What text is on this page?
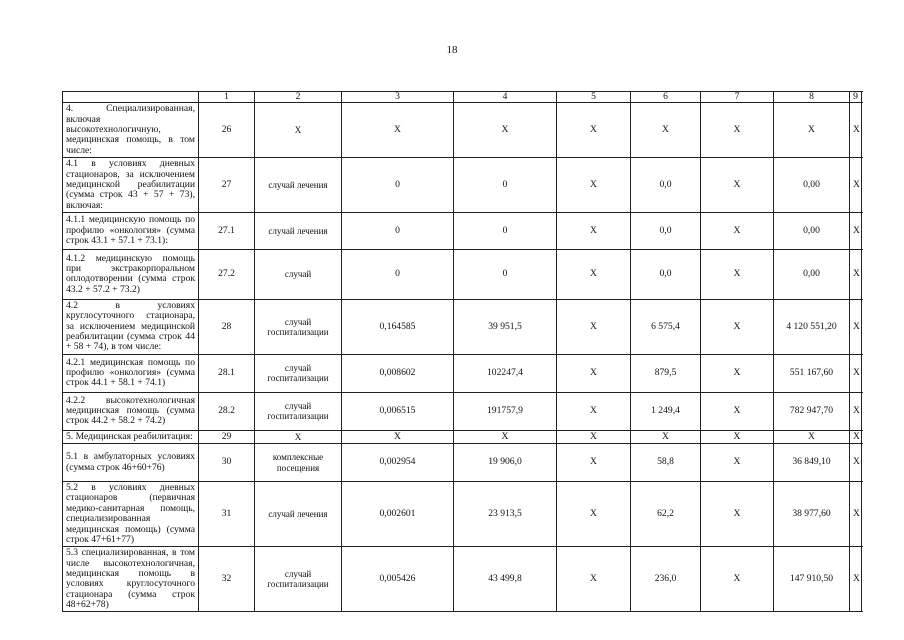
18
	1	2	3	4	5	6	7	8	9
4. Специализированная, включая высокотехнологичную, медицинская помощь, в том числе:	26	Х	Х	Х	Х	Х	Х	Х	Х
4.1 в условиях дневных стационаров, за исключением медицинской реабилитации (сумма строк 43 + 57 + 73), включая:	27	случай лечения	0	0	Х	0,0	Х	0,00	Х
4.1.1 медицинскую помощь по профилю «онкология» (сумма строк 43.1 + 57.1 + 73.1):	27.1	случай лечения	0	0	Х	0,0	Х	0,00	Х
4.1.2 медицинскую помощь при экстракорпоральном оплодотворении (сумма строк 43.2 + 57.2 + 73.2)	27.2	случай	0	0	Х	0,0	Х	0,00	Х
4.2 в условиях круглосуточного стационара, за исключением медицинской реабилитации (сумма строк 44 + 58 + 74), в том числе:	28	случай госпитализации	0,164585	39 951,5	Х	6 575,4	Х	4 120 551,20	Х
4.2.1 медицинская помощь по профилю «онкология» (сумма строк 44.1 + 58.1 + 74.1)	28.1	случай госпитализации	0,008602	102247,4	Х	879,5	Х	551 167,60	Х
4.2.2 высокотехнологичная медицинская помощь (сумма строк 44.2 + 58.2 + 74.2)	28.2	случай госпитализации	0,006515	191757,9	Х	1 249,4	Х	782 947,70	Х
5. Медицинская реабилитация:	29	Х	Х	Х	Х	Х	Х	Х	Х
5.1 в амбулаторных условиях (сумма строк 46+60+76)	30	комплексные посещения	0,002954	19 906,0	Х	58,8	Х	36 849,10	Х
5.2 в условиях дневных стационаров (первичная медико-санитарная помощь, специализированная медицинская помощь) (сумма строк 47+61+77)	31	случай лечения	0,002601	23 913,5	Х	62,2	Х	38 977,60	Х
5.3 специализированная, в том числе высокотехнологичная, медицинская помощь в условиях круглосуточного стационара (сумма строк 48+62+78)	32	случай госпитализации	0,005426	43 499,8	Х	236,0	Х	147 910,50	Х
